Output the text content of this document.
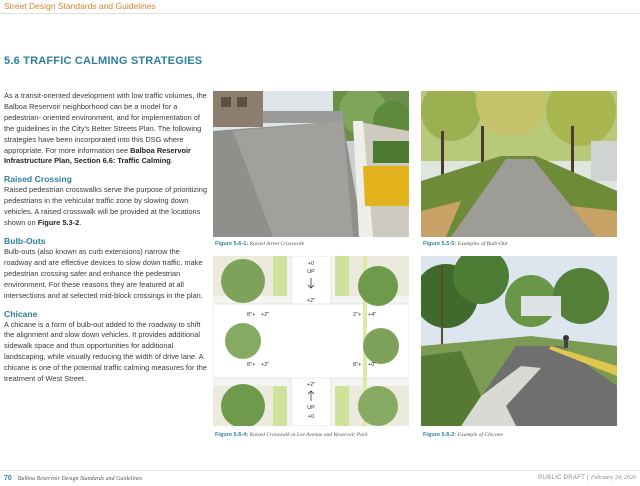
Street Design Standards and Guidelines
5.6 TRAFFIC CALMING STRATEGIES

As a transit-oriented development with low traffic volumes, the Balboa Reservoir neighborhood can be a model for a pedestrian- oriented environment, and for implementation of the guidelines in the City's Better Streets Plan. The following strategies have been incorporated into this DSG where appropriate. For more information see Balboa Reservoir Infrastructure Plan, Section 6.6: Traffic Calming.

Raised Crossing

Raised pedestrian crosswalks serve the purpose of prioritizing pedestrians in the vehicular traffic zone by slowing down vehicles. A raised crosswalk will be provided at the locations shown on Figure 5.3-2.

Bulb-Outs

Bulb-outs (also known as curb extensions) narrow the roadway and are effective devices to slow down traffic, make pedestrian crossing safer and enhance the pedestrian environment. For these reasons they are featured at all intersections and at selected mid-block crossings in the plan.

Chicane

A chicane is a form of bulb-out added to the roadway to shift the alignment and slow down vehicles. It provides additional sidewalk space and thus opportunities for additional landscaping, while visually reducing the width of drive lane. A chicane is one of the potential traffic calming measures for the treatment of West Street.

Figure 5.6-1: Raised Street Crosswalk	Figure 5.5-5: Examples of Bulb-Out
+0
UP
+2"
+2"
UP
+0
8"+ +2"
8"+ +2"
2"+ +4"
8"+ +0"
Figure 5.6-4: Raised Crosswalk at Lee Avenue and Reservoir Park	Figure 5.6-2: Example of Chicane
70 Balboa Reservoir Design Standards and Guidelines	PUBLIC DRAFT | February 24, 2020
